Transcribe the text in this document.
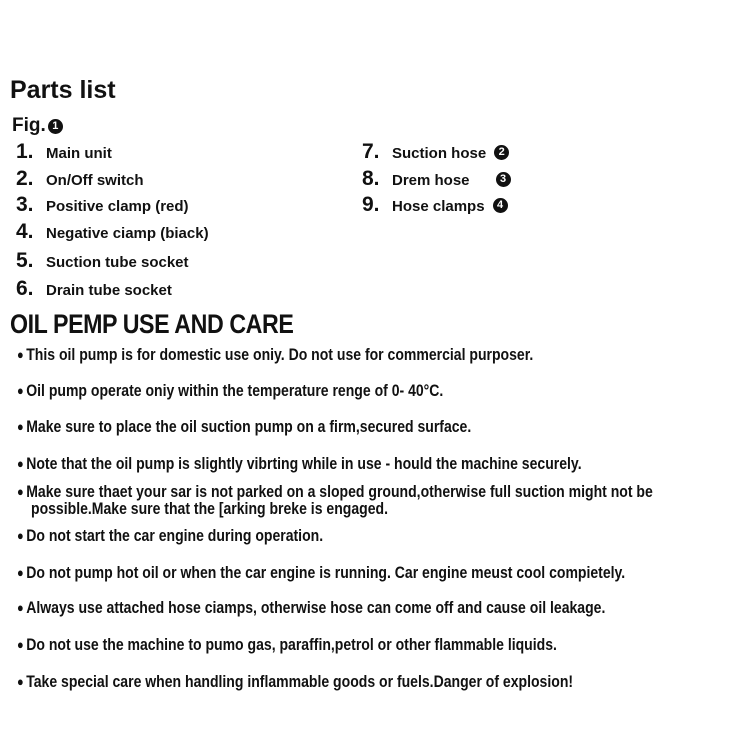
Parts list
Fig. 1
1. Main unit
2. On/Off switch
3. Positive clamp (red)
4. Negative ciamp (biack)
5. Suction tube socket
6. Drain tube socket
7. Suction hose	2
8. Drem hose	3
9. Hose clamps	4
OIL PEMP USE AND CARE
● This oil pump is for domestic use oniy. Do not use for commercial purposer.
● Oil pump operate oniy within the temperature renge of 0- 40°C.
● Make sure to place the oil suction pump on a firm,secured surface.
● Note that the oil pump is slightly vibrting while in use - hould the machine securely.
● Make sure thaet your sar is not parked on a sloped ground,otherwise full suction might not be
possible.Make sure that the [arking breke is engaged.
● Do not start the car engine during operation.
● Do not pump hot oil or when the car engine is running. Car engine meust cool compietely.
● Always use attached hose ciamps, otherwise hose can come off and cause oil leakage.
● Do not use the machine to pumo gas, paraffin,petrol or other flammable liquids.
● Take special care when handling inflammable goods or fuels.Danger of explosion!
